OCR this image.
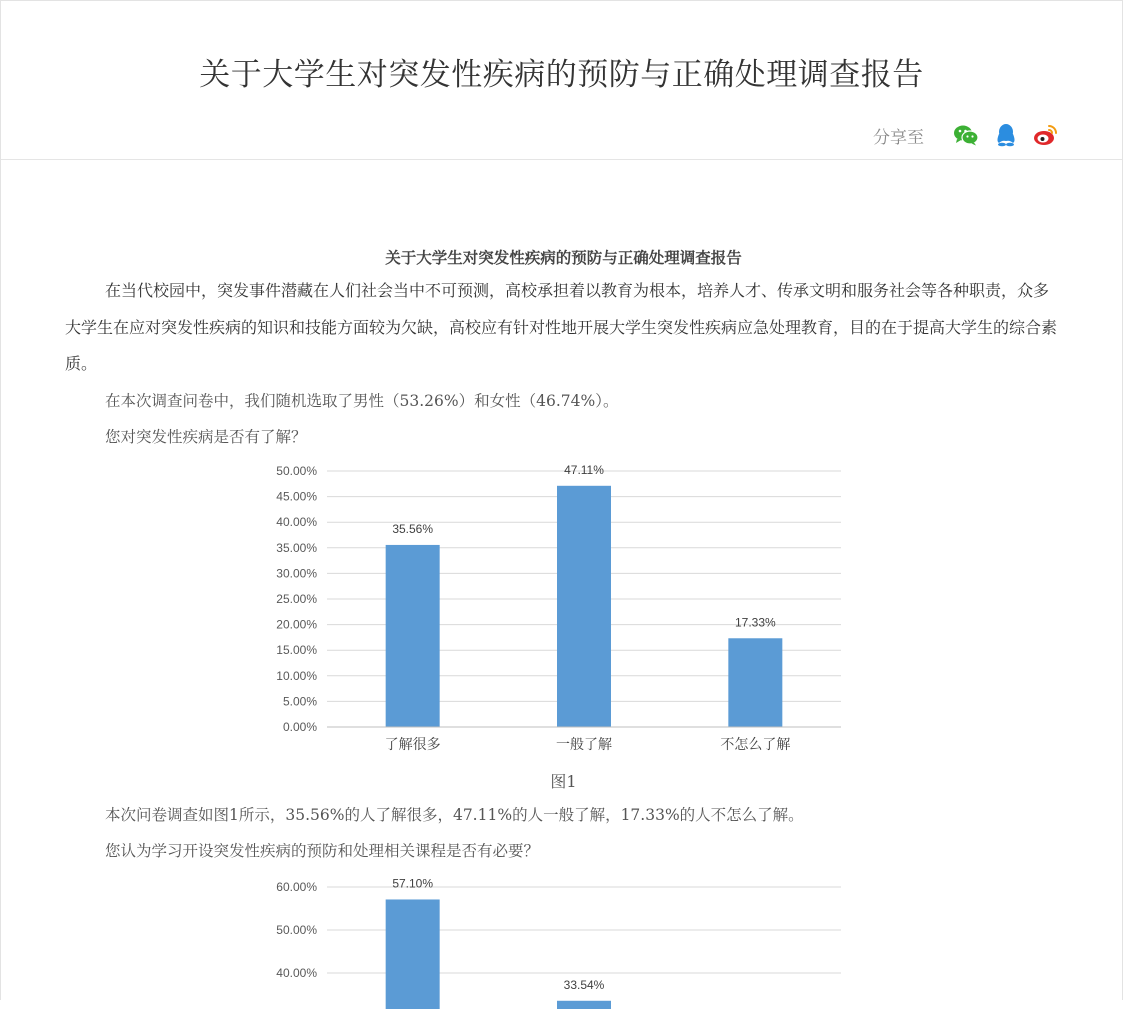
关于大学生对突发性疾病的预防与正确处理调查报告
分享至
关于大学生对突发性疾病的预防与正确处理调查报告

在当代校园中，突发事件潜藏在人们社会当中不可预测，高校承担着以教育为根本，培养人才、传承文明和服务社会等各种职责，众多大学生在应对突发性疾病的知识和技能方面较为欠缺，高校应有针对性地开展大学生突发性疾病应急处理教育，目的在于提高大学生的综合素质。

在本次调查问卷中，我们随机选取了男性（53.26%）和女性（46.74%）。

您对突发性疾病是否有了解？

0.00%
5.00%
10.00%
15.00%
20.00%
25.00%
30.00%
35.00%
40.00%
45.00%
50.00%
35.56%
47.11%
17.33%
了解很多	一般了解	不怎么了解
图1

本次问卷调查如图1所示，35.56%的人了解很多，47.11%的人一般了解，17.33%的人不怎么了解。

您认为学习开设突发性疾病的预防和处理相关课程是否有必要？

40.00%
50.00%
60.00%	57.10%
33.54%
